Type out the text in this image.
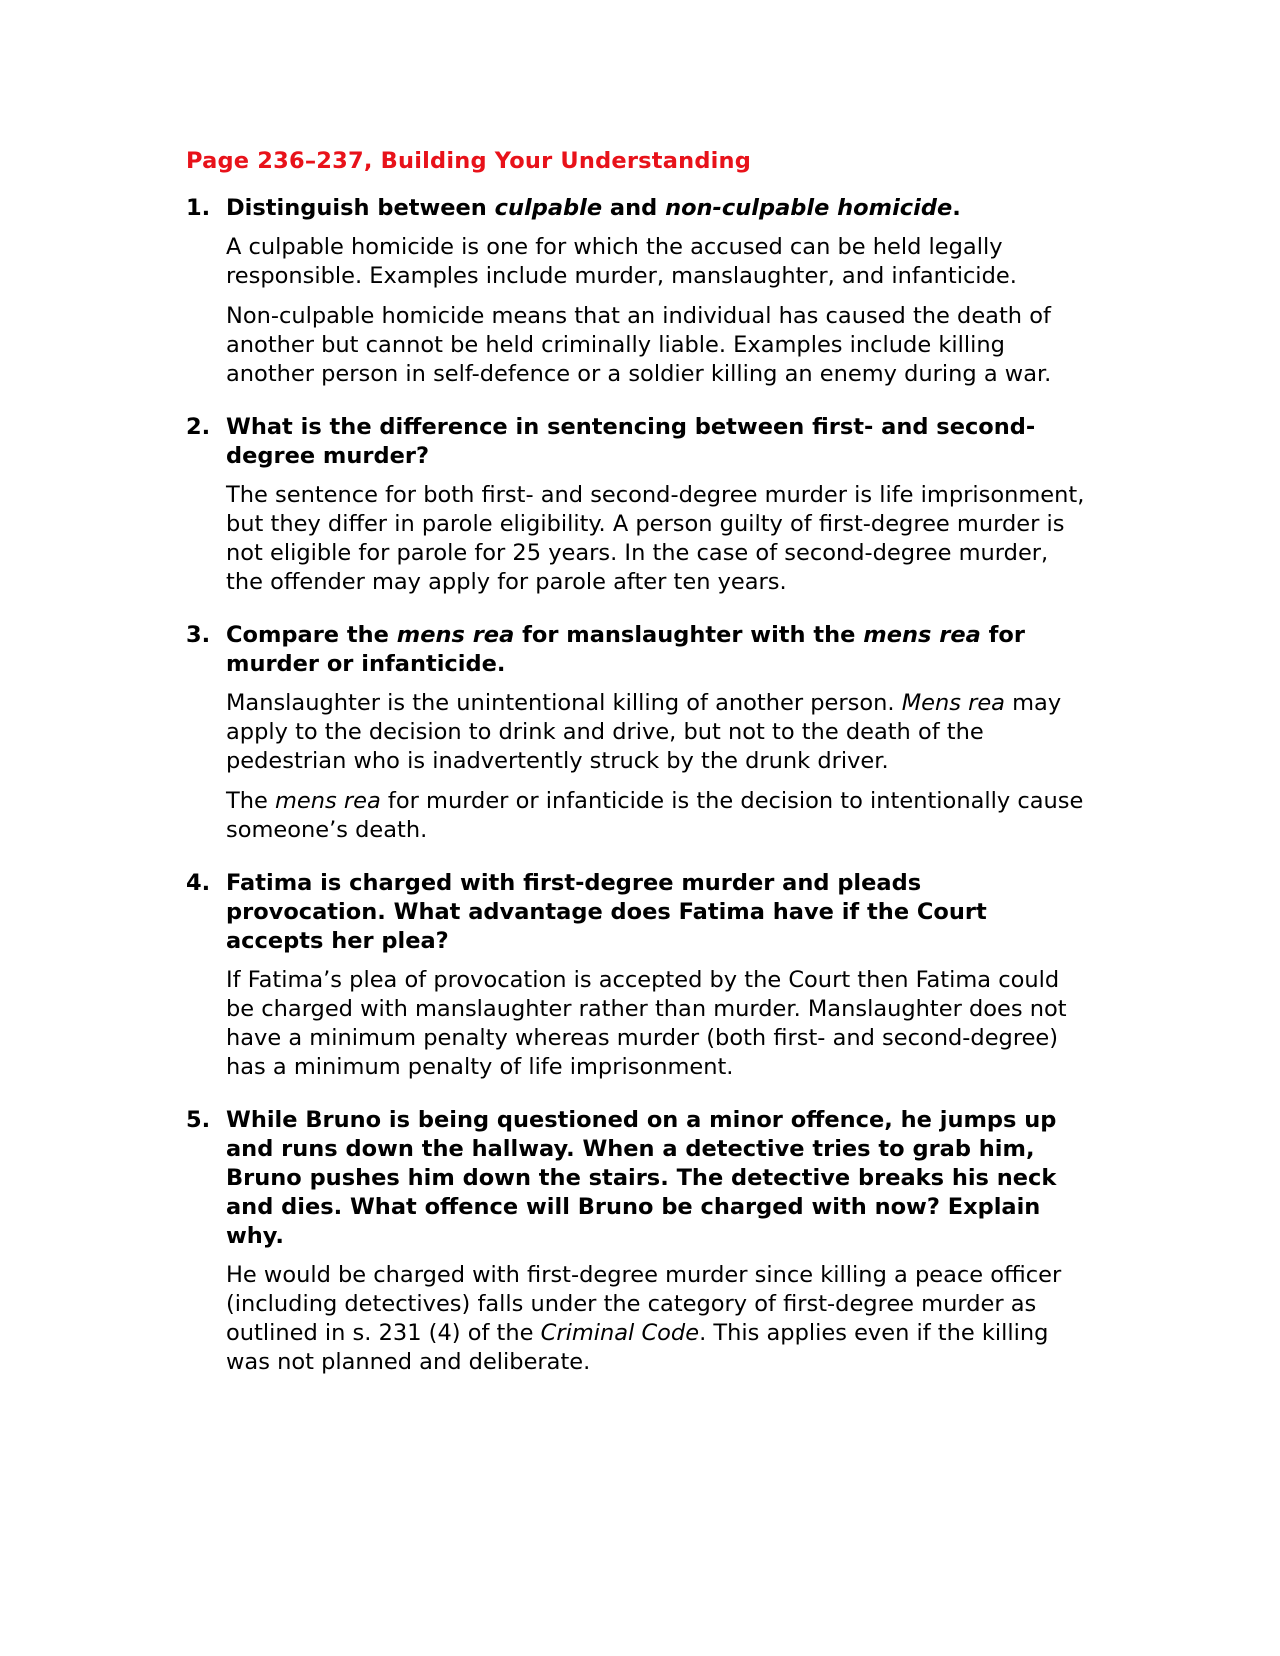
Page 236–237, Building Your Understanding
1. Distinguish between culpable and non-culpable homicide.

A culpable homicide is one for which the accused can be held legally responsible. Examples include murder, manslaughter, and infanticide.

Non-culpable homicide means that an individual has caused the death of another but cannot be held criminally liable. Examples include killing another person in self-defence or a soldier killing an enemy during a war.

2. What is the difference in sentencing between first- and second-degree murder?

The sentence for both first- and second-degree murder is life imprisonment, but they differ in parole eligibility. A person guilty of first-degree murder is not eligible for parole for 25 years. In the case of second-degree murder, the offender may apply for parole after ten years.

3. Compare the mens rea for manslaughter with the mens rea for murder or infanticide.

Manslaughter is the unintentional killing of another person. Mens rea may apply to the decision to drink and drive, but not to the death of the pedestrian who is inadvertently struck by the drunk driver.

The mens rea for murder or infanticide is the decision to intentionally cause someone’s death.

4. Fatima is charged with first-degree murder and pleads provocation. What advantage does Fatima have if the Court accepts her plea?

If Fatima’s plea of provocation is accepted by the Court then Fatima could be charged with manslaughter rather than murder. Manslaughter does not have a minimum penalty whereas murder (both first- and second-degree) has a minimum penalty of life imprisonment.

5. While Bruno is being questioned on a minor offence, he jumps up and runs down the hallway. When a detective tries to grab him, Bruno pushes him down the stairs. The detective breaks his neck and dies. What offence will Bruno be charged with now? Explain why.

He would be charged with first-degree murder since killing a peace officer (including detectives) falls under the category of first-degree murder as outlined in s. 231 (4) of the Criminal Code. This applies even if the killing was not planned and deliberate.
